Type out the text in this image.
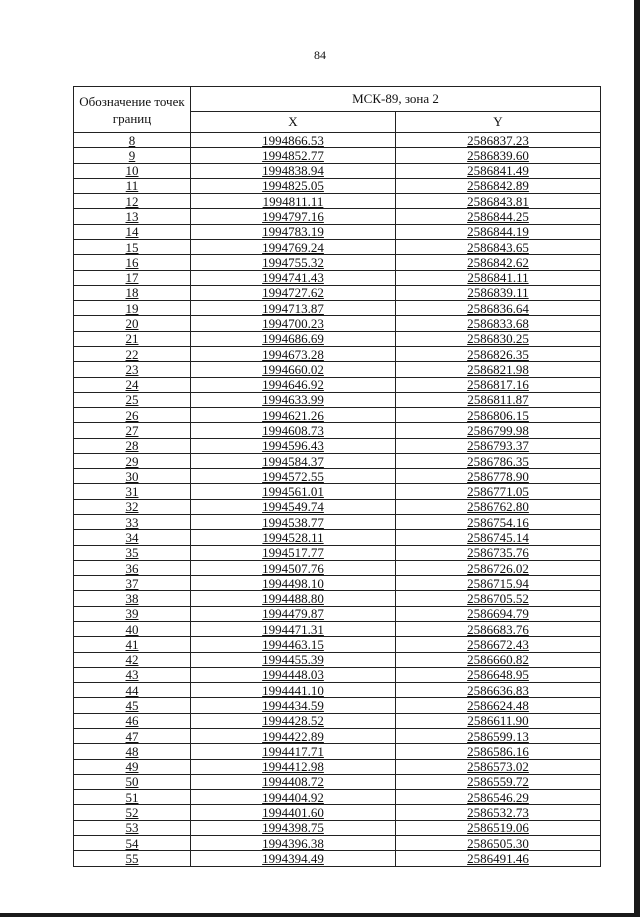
84
Обозначение точек границ	МСК-89, зона 2	
	X	Y
8	1994866.53	2586837.23
9	1994852.77	2586839.60
10	1994838.94	2586841.49
11	1994825.05	2586842.89
12	1994811.11	2586843.81
13	1994797.16	2586844.25
14	1994783.19	2586844.19
15	1994769.24	2586843.65
16	1994755.32	2586842.62
17	1994741.43	2586841.11
18	1994727.62	2586839.11
19	1994713.87	2586836.64
20	1994700.23	2586833.68
21	1994686.69	2586830.25
22	1994673.28	2586826.35
23	1994660.02	2586821.98
24	1994646.92	2586817.16
25	1994633.99	2586811.87
26	1994621.26	2586806.15
27	1994608.73	2586799.98
28	1994596.43	2586793.37
29	1994584.37	2586786.35
30	1994572.55	2586778.90
31	1994561.01	2586771.05
32	1994549.74	2586762.80
33	1994538.77	2586754.16
34	1994528.11	2586745.14
35	1994517.77	2586735.76
36	1994507.76	2586726.02
37	1994498.10	2586715.94
38	1994488.80	2586705.52
39	1994479.87	2586694.79
40	1994471.31	2586683.76
41	1994463.15	2586672.43
42	1994455.39	2586660.82
43	1994448.03	2586648.95
44	1994441.10	2586636.83
45	1994434.59	2586624.48
46	1994428.52	2586611.90
47	1994422.89	2586599.13
48	1994417.71	2586586.16
49	1994412.98	2586573.02
50	1994408.72	2586559.72
51	1994404.92	2586546.29
52	1994401.60	2586532.73
53	1994398.75	2586519.06
54	1994396.38	2586505.30
55	1994394.49	2586491.46
